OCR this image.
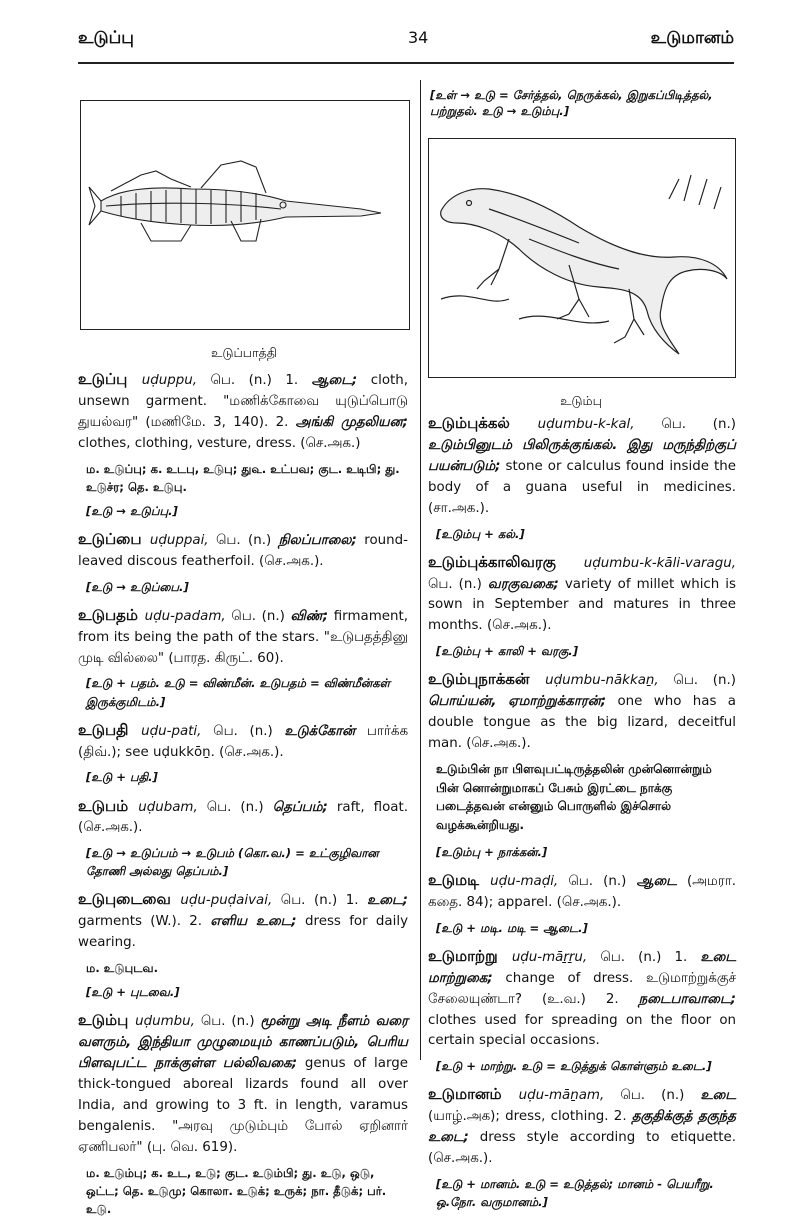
உடுப்பு	34	உடுமானம்
உடுப்பாத்தி
[உள் → உடு = சேர்த்தல், நெருக்கல், இறுகப்பிடித்தல், பற்றுதல். உடு → உடும்பு.]
உடும்பு
உடுப்பு uḍuppu, பெ. (n.) 1. ஆடை; cloth, unsewn garment. "மணிக்கோவை யுடுப்பொடு துயல்வர" (மணிமே. 3, 140). 2. அங்கி முதலியன; clothes, clothing, vesture, dress. (செ.அக.)
ம. உடுப்பு; க. உடபு, உடுபு; து௳. உட்பவ; குட. உடிபி; து. உடுச்ர; தெ. உடுபு.
[உடு → உடுப்பு.]
உடுப்பை uḍuppai, பெ. (n.) நிலப்பாலை; round-leaved discous featherfoil. (செ.அக.).
[உடு → உடுப்பை.]
உடுபதம் uḍu-padam, பெ. (n.) விண்; firmament, from its being the path of the stars. "உடுபதத்தினு முடி வில்லை" (பாரத. கிருட். 60).
[உடு + பதம். உடு = விண்மீன். உடுபதம் = விண்மீன்கள் இருக்குமிடம்.]
உடுபதி uḍu-pati, பெ. (n.) உடுக்கோன் பார்க்க (திவ்.); see uḍukkōṉ. (செ.அக.).
[உடு + பதி.]
உடுபம் uḍubam, பெ. (n.) தெப்பம்; raft, float. (செ.அக.).
[உடு → உடுப்பம் → உடுபம் (கொ.வ.) = உட்குழிவான தோணி அல்லது தெப்பம்.]
உடுபுடைவை uḍu-puḍaivai, பெ. (n.) 1. உடை; garments (W.). 2. எளிய உடை; dress for daily wearing.
ம. உடுபுடவ.
[உடு + புடவை.]
உடும்பு uḍumbu, பெ. (n.) மூன்று அடி நீளம் வரை வளரும், இந்தியா முழுமையும் காணப்படும், பெரிய பிளவுபட்ட நாக்குள்ள பல்லிவகை; genus of large thick-tongued aboreal lizards found all over India, and growing to 3 ft. in length, varamus bengalenis. "அரவு முடும்பும் போல் ஏறினார் ஏணிபலர்" (பு. வெ. 619).
ம. உடும்பு; க. உட, உடு; குட. உடும்பி; து. உடு, ஒடு, ஒட்ட; தெ. உடுமு; கொலா. உடுக்; உருக்; நா. தீடுக்; பர். உடு.
உடும்புக்கல் uḍumbu-k-kal, பெ. (n.) உடும்பினுடம் பிலிருக்குங்கல். இது மருந்திற்குப் பயன்படும்; stone or calculus found inside the body of a guana useful in medicines. (சா.அக.).
[உடும்பு + கல்.]
உடும்புக்காலிவரகு uḍumbu-k-kāli-varagu, பெ. (n.) வரகுவகை; variety of millet which is sown in September and matures in three months. (செ.அக.).
[உடும்பு + காலி + வரகு.]
உடும்புநாக்கன் uḍumbu-nākkaṉ, பெ. (n.) பொய்யன், ஏமாற்றுக்காரன்; one who has a double tongue as the big lizard, deceitful man. (செ.அக.).
உடும்பின் நா பிளவுபட்டிருத்தலின் முன்னொன்றும் பின் னொன்றுமாகப் பேசும் இரட்டை நாக்கு படைத்தவன் என்னும் பொருளில் இச்சொல் வழக்கூன்றியது.
[உடும்பு + நாக்கன்.]
உடுமடி uḍu-maḍi, பெ. (n.) ஆடை (அமரா. கதை. 84); apparel. (செ.அக.).
[உடு + மடி. மடி = ஆடை.]
உடுமாற்று uḍu-māṟṟu, பெ. (n.) 1. உடை மாற்றுகை; change of dress. உடுமாற்றுக்குச் சேலையுண்டா? (உ.வ.) 2. நடைபாவாடை; clothes used for spreading on the floor on certain special occasions.
[உடு + மாற்று. உடு = உடுத்துக் கொள்ளும் உடை.]
உடுமானம் uḍu-māṉam, பெ. (n.) உடை (யாழ்.அக); dress, clothing. 2. தகுதிக்குத் தகுந்த உடை; dress style according to etiquette. (செ.அக.).
[உடு + மானம். உடு = உடுத்தல்; மானம் - பெயரீறு. ஒ.நோ. வருமானம்.]
